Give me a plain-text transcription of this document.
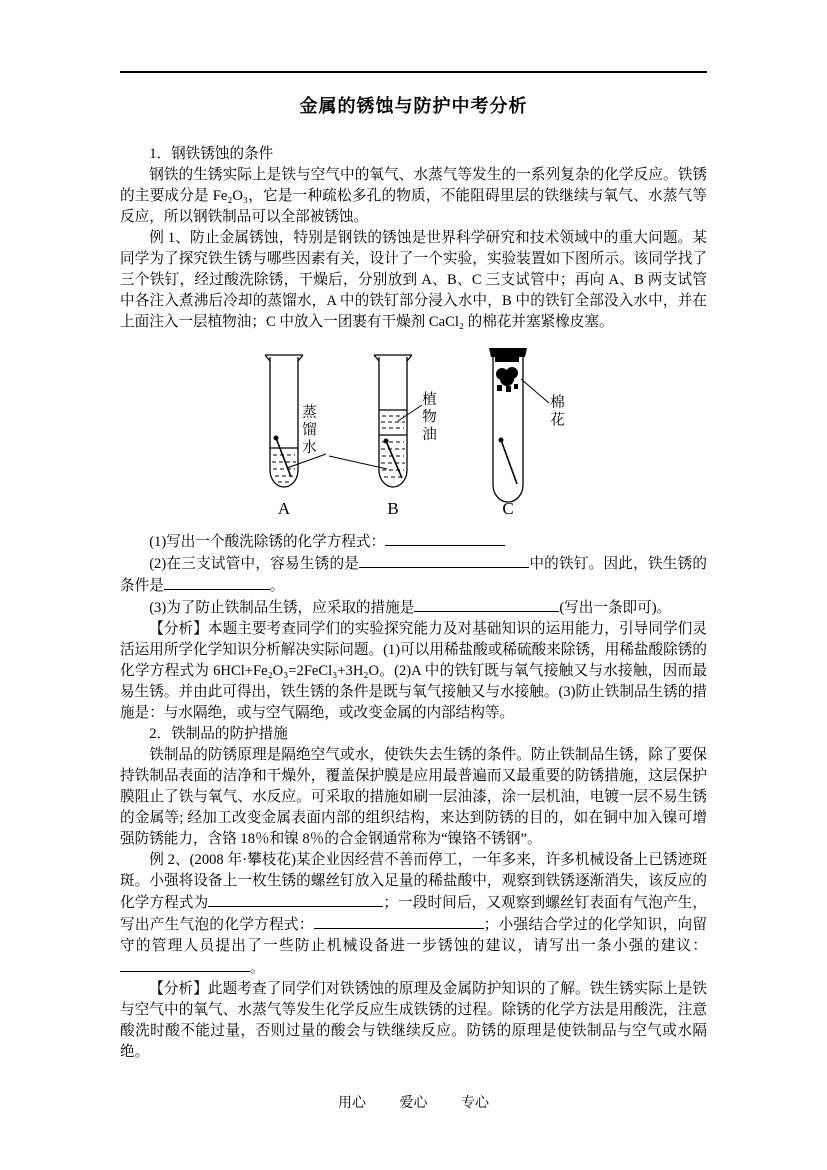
金属的锈蚀与防护中考分析

1．钢铁锈蚀的条件

钢铁的生锈实际上是铁与空气中的氧气、水蒸气等发生的一系列复杂的化学反应。铁锈的主要成分是 Fe₂O₃，它是一种疏松多孔的物质，不能阻碍里层的铁继续与氧气、水蒸气等反应，所以钢铁制品可以全部被锈蚀。

例 1、防止金属锈蚀，特别是钢铁的锈蚀是世界科学研究和技术领域中的重大问题。某同学为了探究铁生锈与哪些因素有关，设计了一个实验，实验装置如下图所示。该同学找了三个铁钉，经过酸洗除锈，干燥后，分别放到 A、B、C 三支试管中；再向 A、B 两支试管中各注入煮沸后冷却的蒸馏水，A 中的铁钉部分浸入水中，B 中的铁钉全部没入水中，并在上面注入一层植物油；C 中放入一团裹有干燥剂 CaCl₂ 的棉花并塞紧橡皮塞。

A	B	C
蒸馏水	植物油	棉花

(1)写出一个酸洗除锈的化学方程式：

(2)在三支试管中，容易生锈的是	中的铁钉。因此，铁生锈的条件是	。

(3)为了防止铁制品生锈，应采取的措施是	(写出一条即可)。

【分析】本题主要考查同学们的实验探究能力及对基础知识的运用能力，引导同学们灵活运用所学化学知识分析解决实际问题。(1)可以用稀盐酸或稀硫酸来除锈，用稀盐酸除锈的化学方程式为 6HCl+Fe₂O₃=2FeCl₃+3H₂O。(2)A 中的铁钉既与氧气接触又与水接触，因而最易生锈。并由此可得出，铁生锈的条件是既与氧气接触又与水接触。(3)防止铁制品生锈的措施是：与水隔绝，或与空气隔绝，或改变金属的内部结构等。

2．铁制品的防护措施

铁制品的防锈原理是隔绝空气或水，使铁失去生锈的条件。防止铁制品生锈，除了要保持铁制品表面的洁净和干燥外，覆盖保护膜是应用最普遍而又最重要的防锈措施，这层保护膜阻止了铁与氧气、水反应。可采取的措施如刷一层油漆，涂一层机油，电镀一层不易生锈的金属等; 经加工改变金属表面内部的组织结构，来达到防锈的目的，如在铜中加入镍可增强防锈能力，含铬 18％和镍 8％的合金钢通常称为“镍铬不锈钢”。

例 2、(2008 年·攀枝花)某企业因经营不善而停工，一年多来，许多机械设备上已锈迹斑斑。小强将设备上一枚生锈的螺丝钉放入足量的稀盐酸中，观察到铁锈逐渐消失，该反应的化学方程式为	；一段时间后，又观察到螺丝钉表面有气泡产生，写出产生气泡的化学方程式：	；小强结合学过的化学知识，向留守的管理人员提出了一些防止机械设备进一步锈蚀的建议，请写出一条小强的建议：。

【分析】此题考查了同学们对铁锈蚀的原理及金属防护知识的了解。铁生锈实际上是铁与空气中的氧气、水蒸气等发生化学反应生成铁锈的过程。除锈的化学方法是用酸洗，注意酸洗时酸不能过量，否则过量的酸会与铁继续反应。防锈的原理是使铁制品与空气或水隔绝。

用心 爱心 专心
